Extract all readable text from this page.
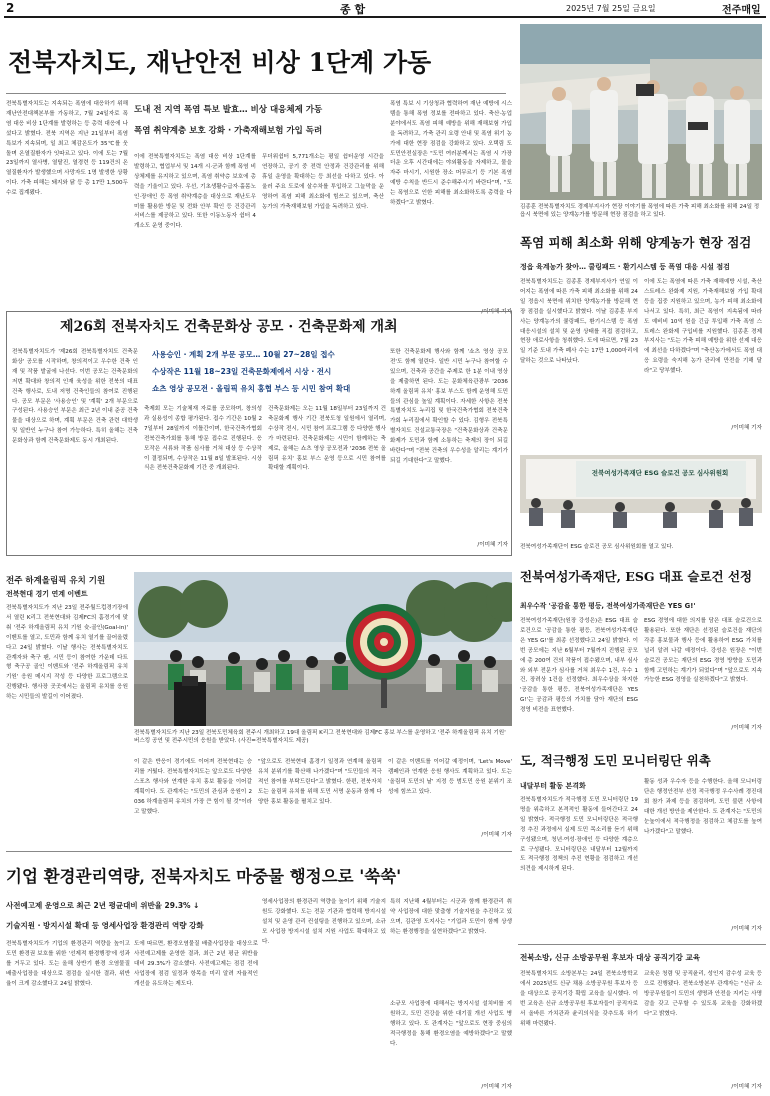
2	종 합	2025년 7월 25일 금요일	전주매일
전북자치도, 재난안전 비상 1단계 가동
도내 전 지역 폭염 특보 발효… 비상 대응체제 가동
폭염 취약계층 보호 강화 · 가축재해보험 가입 독려
전북특별자치도는 지속되는 폭염에 대응하기 위해 재난안전대책본부를 가동하고, 7월 24일자로 폭염 대응 비상 1단계를 발령하는 등 총력 대응에 나섰다고 밝혔다. 전북 지역은 지난 21일부터 폭염특보가 지속되며, 일 최고 체감온도가 35℃를 웃돌며 온열질환자가 잇따르고 있다. 이에 도는 7월 23일까지 열사병, 열탈진, 열경련 등 119건의 온열질환자가 발생했으며 사망자도 1명 발생한 상황이다. 가축 피해는 돼지와 닭 등 총 17만 1,500두수로 집계됐다.
이에 전북특별자치도는 폭염 대응 비상 1단계를 발령하고, 협업부서 및 14개 시·군과 함께 폭염 비상체제를 유지하고 있으며, 폭염 취약층 보호에 총력을 기울이고 있다. 우선, 기초생활수급자·홀몸노인·장애인 등 폭염 취약계층을 대상으로 재난도우미를 활용한 방문 및 전화 안부 확인 등 건강관리 서비스를 제공하고 있다. 또한 이동노동자 쉼터 4개소도 운영 중이다.
무더위쉼터 5,771개소는 평일 쉼터운영 시간을 연장하고, 공기 중 전력 안정과 건강관리를 위해 휴일 운영을 확대하는 등 최선을 다하고 있다. 아울러 주요 도로에 살수차를 투입하고 그늘막을 운영하여 폭염 피해 최소화에 힘쓰고 있으며, 축산 농가의 가축재해보험 가입을 독려하고 있다.
폭염 특보 시 기상청과 협력하여 재난 예방에 시스템을 통해 폭염 정보를 전파하고 있다. 축산·농업 분야에서도 폭염 피해 예방을 위해 재해보험 가입을 독려하고, 가축 관리 요령 안내 및 폭염 위기 농가에 대한 현장 점검을 강화하고 있다. 오택림 도 도민안전실장은 "도민 여러분께서는 폭염 시 가장 더운 오후 시간대에는 야외활동을 자제하고, 물을 자주 마시기, 시원한 장소 머무르기 등 기본 폭염 예방 수칙을 반드시 준수해주시기 바란다"며, "도는 폭염으로 인한 피해를 최소화하도록 총력을 다하겠다"고 밝혔다.
/이미혜 기자
김종훈 전북특별자치도 경제부지사가 현장 이야기를 폭염에 따른 가축 피해 최소화를 위해 24일 정읍시 북면에 있는 양계농가를 방문해 현장 점검을 하고 있다.
폭염 피해 최소화 위해 양계농가 현장 점검
정읍 육계농가 찾아… 쿨링패드 · 환기시스템 등 폭염 대응 시설 점검
전북특별자치도는 김종훈 경제부지사가 연일 이어지는 폭염에 따른 가축 피해 최소화를 위해 24일 정읍시 북면에 위치한 양계농가를 방문해 현장 점검을 실시했다고 밝혔다. 이날 김종훈 부지사는 양계농가의 쿨링패드, 환기시스템 등 폭염 대응시설의 설치 및 운영 상태를 직접 점검하고, 현장 애로사항을 청취했다. 도에 따르면, 7월 23일 기준 도내 가축 폐사 수는 17만 1,000마리에 달하는 것으로 나타났다.
이에 도는 폭염에 따른 가축 재해예방 시설, 축산 스트레스 완화제 지원, 가축재해보험 가입 확대 등을 집중 지원하고 있으며, 농가 피해 최소화에 나서고 있다. 특히, 최근 폭염이 지속됨에 따라 도 예비비 10억 원을 긴급 투입해 가축 폭염 스트레스 완화제 구입비를 지원했다. 김종훈 경제부지사는 "도는 가축 피해 예방을 위한 선제 대응에 최선을 다하겠다"며 "축산농가에서도 폭염 대응 요령을 숙지해 농가 관리에 만전을 기해 달라"고 당부했다.
/이미혜 기자
제26회 전북자치도 건축문화상 공모 · 건축문화제 개최
사용승인 · 계획 2개 부문 공모… 10월 27~28일 접수
수상작은 11월 18~23일 건축문화제에서 시상 · 전시
쇼츠 영상 공모전 · 올림픽 유치 홍협 부스 등 시민 참여 확대
전북특별자치도가 '제26회 전북특별자치도 건축문화상' 공모를 시작하며, 창의적이고 우수한 건축 인재 및 작품 발굴에 나선다. 이번 공모는 건축문화의 저변 확대와 창의적 인재 육성을 위한 전북의 대표 건축 행사로, 도내 저명 건축인들의 참여로 진행된다. 공모 부문은 '사용승인' 및 '계획' 2개 부문으로 구성된다. 사용승인 부문은 최근 2년 이내 준공 건축물을 대상으로 하며, 계획 부문은 건축 관련 대학생 및 일반인 누구나 참여 가능하다. 특히 올해는 건축문화상과 함께 건축문화제도 동시 개최된다.
축제회 모는 기술체재 자료를 공모하며, 창의성과 실용성이 종합 평가된다. 접수 기간은 10월 27일부터 28일까지 이틀간이며, 한국건축가협회 전북건축가회를 통해 방문 접수로 진행된다. 응모작은 서류와 작품 심사를 거쳐 대상 등 수상작이 결정되며, 수상작은 11월 8일 발표된다. 시상식은 전북건축문화제 기간 중 개최된다.
건축문화제는 오는 11월 18일부터 23일까지 건축문화제 행사 기간 전북도청 일원에서 열리며, 수상작 전시, 시민 참여 프로그램 등 다양한 행사가 마련된다. 건축문화제는 시민이 함께하는 축제로, 올해는 쇼츠 영상 공모전과 '2036 전북 올림픽 유치' 홍보 부스 운영 등으로 시민 참여를 확대할 계획이다.
또한 건축문화제 행사와 함께 '쇼츠 영상 공모전'도 함께 열린다. 일반 시민 누구나 참여할 수 있으며, 건축과 공간을 주제로 한 1분 이내 영상을 제출하면 된다. 도는 문화체육관광부 '2036 하계 올림픽 유치' 홍보 부스도 함께 운영해 도민들의 관심을 높일 계획이다. 자세한 사항은 전북특별자치도 누리집 및 한국건축가협회 전북건축가회 누리집에서 확인할 수 있다. 김형우 전북특별자치도 건설교통국장은 "건축문화상과 건축문화제가 도민과 함께 소통하는 축제의 장이 되길 바란다"며 "전북 건축의 우수성을 알리는 계기가 되길 기대한다"고 말했다.
/이미혜 기자
전북여성가족재단 ESG 슬로건 공모 심사위원회
전북여성가족재단이 ESG 슬로건 공모 심사위원회를 열고 있다.
전북특별자치도가 지난 23일 전북도민체육회 전주시 개최하고 19대 올림픽 K리그 전북현대와 김제FC 홍보 부스를 운영하고 '전주 하계올림픽 유치 기원' 버스킹 공연 및 전주시민의 응원을 받았다. (사진=전북특별자치도 제공)
전주 하계올림픽 유치 기원
전북현대 경기 연계 이벤트
전북특별자치도가 지난 23일 전주월드컵경기장에서 열린 K리그 전북현대와 김제FC의 홈경기에 맞춰 '전주 하계올림픽 유치 기원 슛-골인(Goal-in)' 이벤트를 열고, 도민과 함께 유치 열기를 끌어올렸다고 24일 밝혔다. 이날 행사는 전북특별자치도 관계자와 축구 팬, 시민 등이 참여한 가운데 다트형 축구공 골인 이벤트와 '전주 하계올림픽 유치 기원' 응원 메시지 작성 등 다양한 프로그램으로 진행됐다. 행사장 곳곳에서는 올림픽 유치를 응원하는 시민들의 발길이 이어졌다.
이 같은 반응이 경기에도 이어져 전북현대는 승리를 거뒀다. 전북특별자치도는 앞으로도 다양한 스포츠 행사와 연계한 유치 홍보 활동을 이어갈 계획이다. 도 관계자는 "도민의 관심과 응원이 2036 하계올림픽 유치의 가장 큰 힘이 될 것"이라고 말했다.
"앞으로도 전북현대 홈경기 일정과 연계해 올림픽 유치 분위기를 확산해 나가겠다"며 "도민들의 적극적인 참여를 부탁드린다"고 밝혔다. 한편, 전북자치도는 올림픽 유치를 위해 도민 서명 운동과 함께 다양한 홍보 활동을 펼치고 있다.
이 같은 이벤트를 이어갈 예정이며, 'Let's Move' 캠페인과 연계한 응원 행사도 계획하고 있다. 도는 '올림픽 도민의 날' 지정 등 범도민 응원 분위기 조성에 힘쓰고 있다.
/이미혜 기자
전북여성가족재단, ESG 대표 슬로건 선정
최우수작 '공감을 통한 평등, 전북여성가족재단은 YES G!'
전북여성가족재단(원장 강성은)은 ESG 대표 슬로건으로 '공감을 통한 평등, 전북여성가족재단은 YES G!'를 최종 선정했다고 24일 밝혔다. 이번 공모에는 지난 6월부터 7월까지 진행된 공모에 총 200여 건의 작품이 접수됐으며, 내부 심사와 외부 전문가 심사를 거쳐 최우수 1건, 우수 1건, 장려상 1건을 선정했다. 최우수상을 차지한 '공감을 통한 평등, 전북여성가족재단은 YES G!'는 공감과 평등의 가치를 담아 재단의 ESG 경영 비전을 표현했다.
ESG 경영에 대한 의지를 담은 대표 슬로건으로 활용된다. 또한 재단은 선정된 슬로건을 재단의 각종 홍보물과 행사 등에 활용하여 ESG 가치를 널리 알려 나갈 예정이다. 강성은 원장은 "이번 슬로건 공모는 재단의 ESG 경영 방향을 도민과 함께 고민하는 계기가 되었다"며 "앞으로도 지속가능한 ESG 경영을 실천하겠다"고 밝혔다.
/이미혜 기자
도, 적극행정 도민 모니터링단 위촉
내달부터 활동 본격화
전북특별자치도가 적극행정 도민 모니터링단 19명을 위촉하고 본격적인 활동에 들어간다고 24일 밝혔다. 적극행정 도민 모니터링단은 적극행정 추진 과정에서 실제 도민 목소리를 듣기 위해 구성됐으며, 청년·여성·장애인 등 다양한 계층으로 구성됐다. 모니터링단은 내달부터 12월까지 도 적극행정 정책의 추진 현황을 점검하고 개선 의견을 제시하게 된다.
활동 성과 우수자 등을 수행한다. 올해 모니터링단은 행정안전부 선정 적극행정 우수사례 경진대회 참가 과제 등을 점검하며, 도민 불편 사항에 대한 개선 방안을 제안한다. 도 관계자는 "도민의 눈높이에서 적극행정을 점검하고 체감도를 높여 나가겠다"고 말했다.
/이미혜 기자
기업 환경관리역량, 전북자치도 마중물 행정으로 '쑥쑥'
사전예고제 운영으로 최근 2년 평균대비 위반율 29.3% ↓
기술지원 · 방지시설 확대 등 영세사업장 환경관리 역량 강화
전북특별자치도가 기업의 환경관리 역량을 높이고 도민 환경권 보호를 위한 '선제적 환경행정'에 성과를 거두고 있다. 도는 올해 상반기 환경 오염물질 배출사업장을 대상으로 점검을 실시한 결과, 위반율이 크게 감소했다고 24일 밝혔다.
도에 따르면, 환경오염물질 배출사업장을 대상으로 사전예고제를 운영한 결과, 최근 2년 평균 위반율 대비 29.3%가 감소했다. 사전예고제는 점검 전에 사업장에 점검 일정과 항목을 미리 알려 자율적인 개선을 유도하는 제도다.
영세사업장의 환경관리 역량을 높이기 위해 기술지원도 강화했다. 도는 전문 기관과 협력해 방지시설 설치 및 운영 관리 컨설팅을 진행하고 있으며, 소규모 사업장 방지시설 설치 지원 사업도 확대하고 있다.
특히 지난해 4월부터는 시군과 함께 환경관리 취약 사업장에 대한 맞춤형 기술지원을 추진하고 있으며, 김관영 도지사는 "기업과 도민이 함께 상생하는 환경행정을 실현하겠다"고 밝혔다.
소규모 사업장에 대해서는 방지시설 설치비를 지원하고, 도민 건강을 위한 대기질 개선 사업도 병행하고 있다. 도 관계자는 "앞으로도 현장 중심의 적극행정을 통해 환경오염을 예방하겠다"고 말했다.
/이미혜 기자
전북소방, 신규 소방공무원 후보자 대상 공직기강 교육
전북특별자치도 소방본부는 24일 전북소방학교에서 2025년도 신규 채용 소방공무원 후보자 등을 대상으로 공직기강 확립 교육을 실시했다. 이번 교육은 신규 소방공무원 후보자들이 공직자로서 올바른 가치관과 윤리의식을 갖추도록 하기 위해 마련됐다.
교육은 청렴 및 공직윤리, 성인지 감수성 교육 등으로 진행됐다. 전북소방본부 관계자는 "신규 소방공무원들이 도민의 생명과 안전을 지키는 사명감을 갖고 근무할 수 있도록 교육을 강화하겠다"고 밝혔다.
/이미혜 기자
